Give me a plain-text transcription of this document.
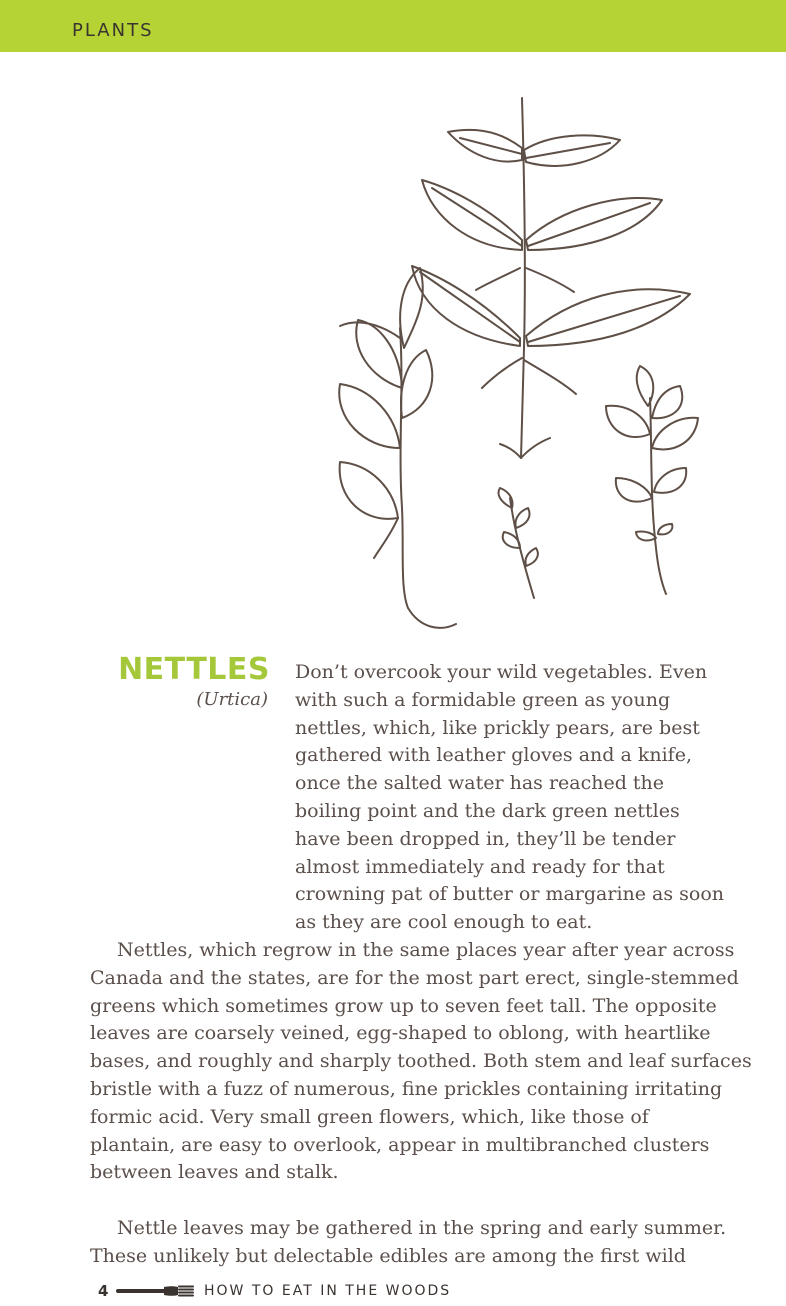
PLANTS
NETTLES
(Urtica)

Don’t overcook your wild vegetables. Even
with such a formidable green as young
nettles, which, like prickly pears, are best
gathered with leather gloves and a knife,
once the salted water has reached the
boiling point and the dark green nettles
have been dropped in, they’ll be tender
almost immediately and ready for that
crowning pat of butter or margarine as soon
as they are cool enough to eat.

Nettles, which regrow in the same places year after year across
Canada and the states, are for the most part erect, single-stemmed
greens which sometimes grow up to seven feet tall. The opposite
leaves are coarsely veined, egg-shaped to oblong, with heartlike
bases, and roughly and sharply toothed. Both stem and leaf surfaces
bristle with a fuzz of numerous, fine prickles containing irritating
formic acid. Very small green flowers, which, like those of
plantain, are easy to overlook, appear in multibranched clusters
between leaves and stalk.

Nettle leaves may be gathered in the spring and early summer.
These unlikely but delectable edibles are among the first wild

4	HOW TO EAT IN THE WOODS
